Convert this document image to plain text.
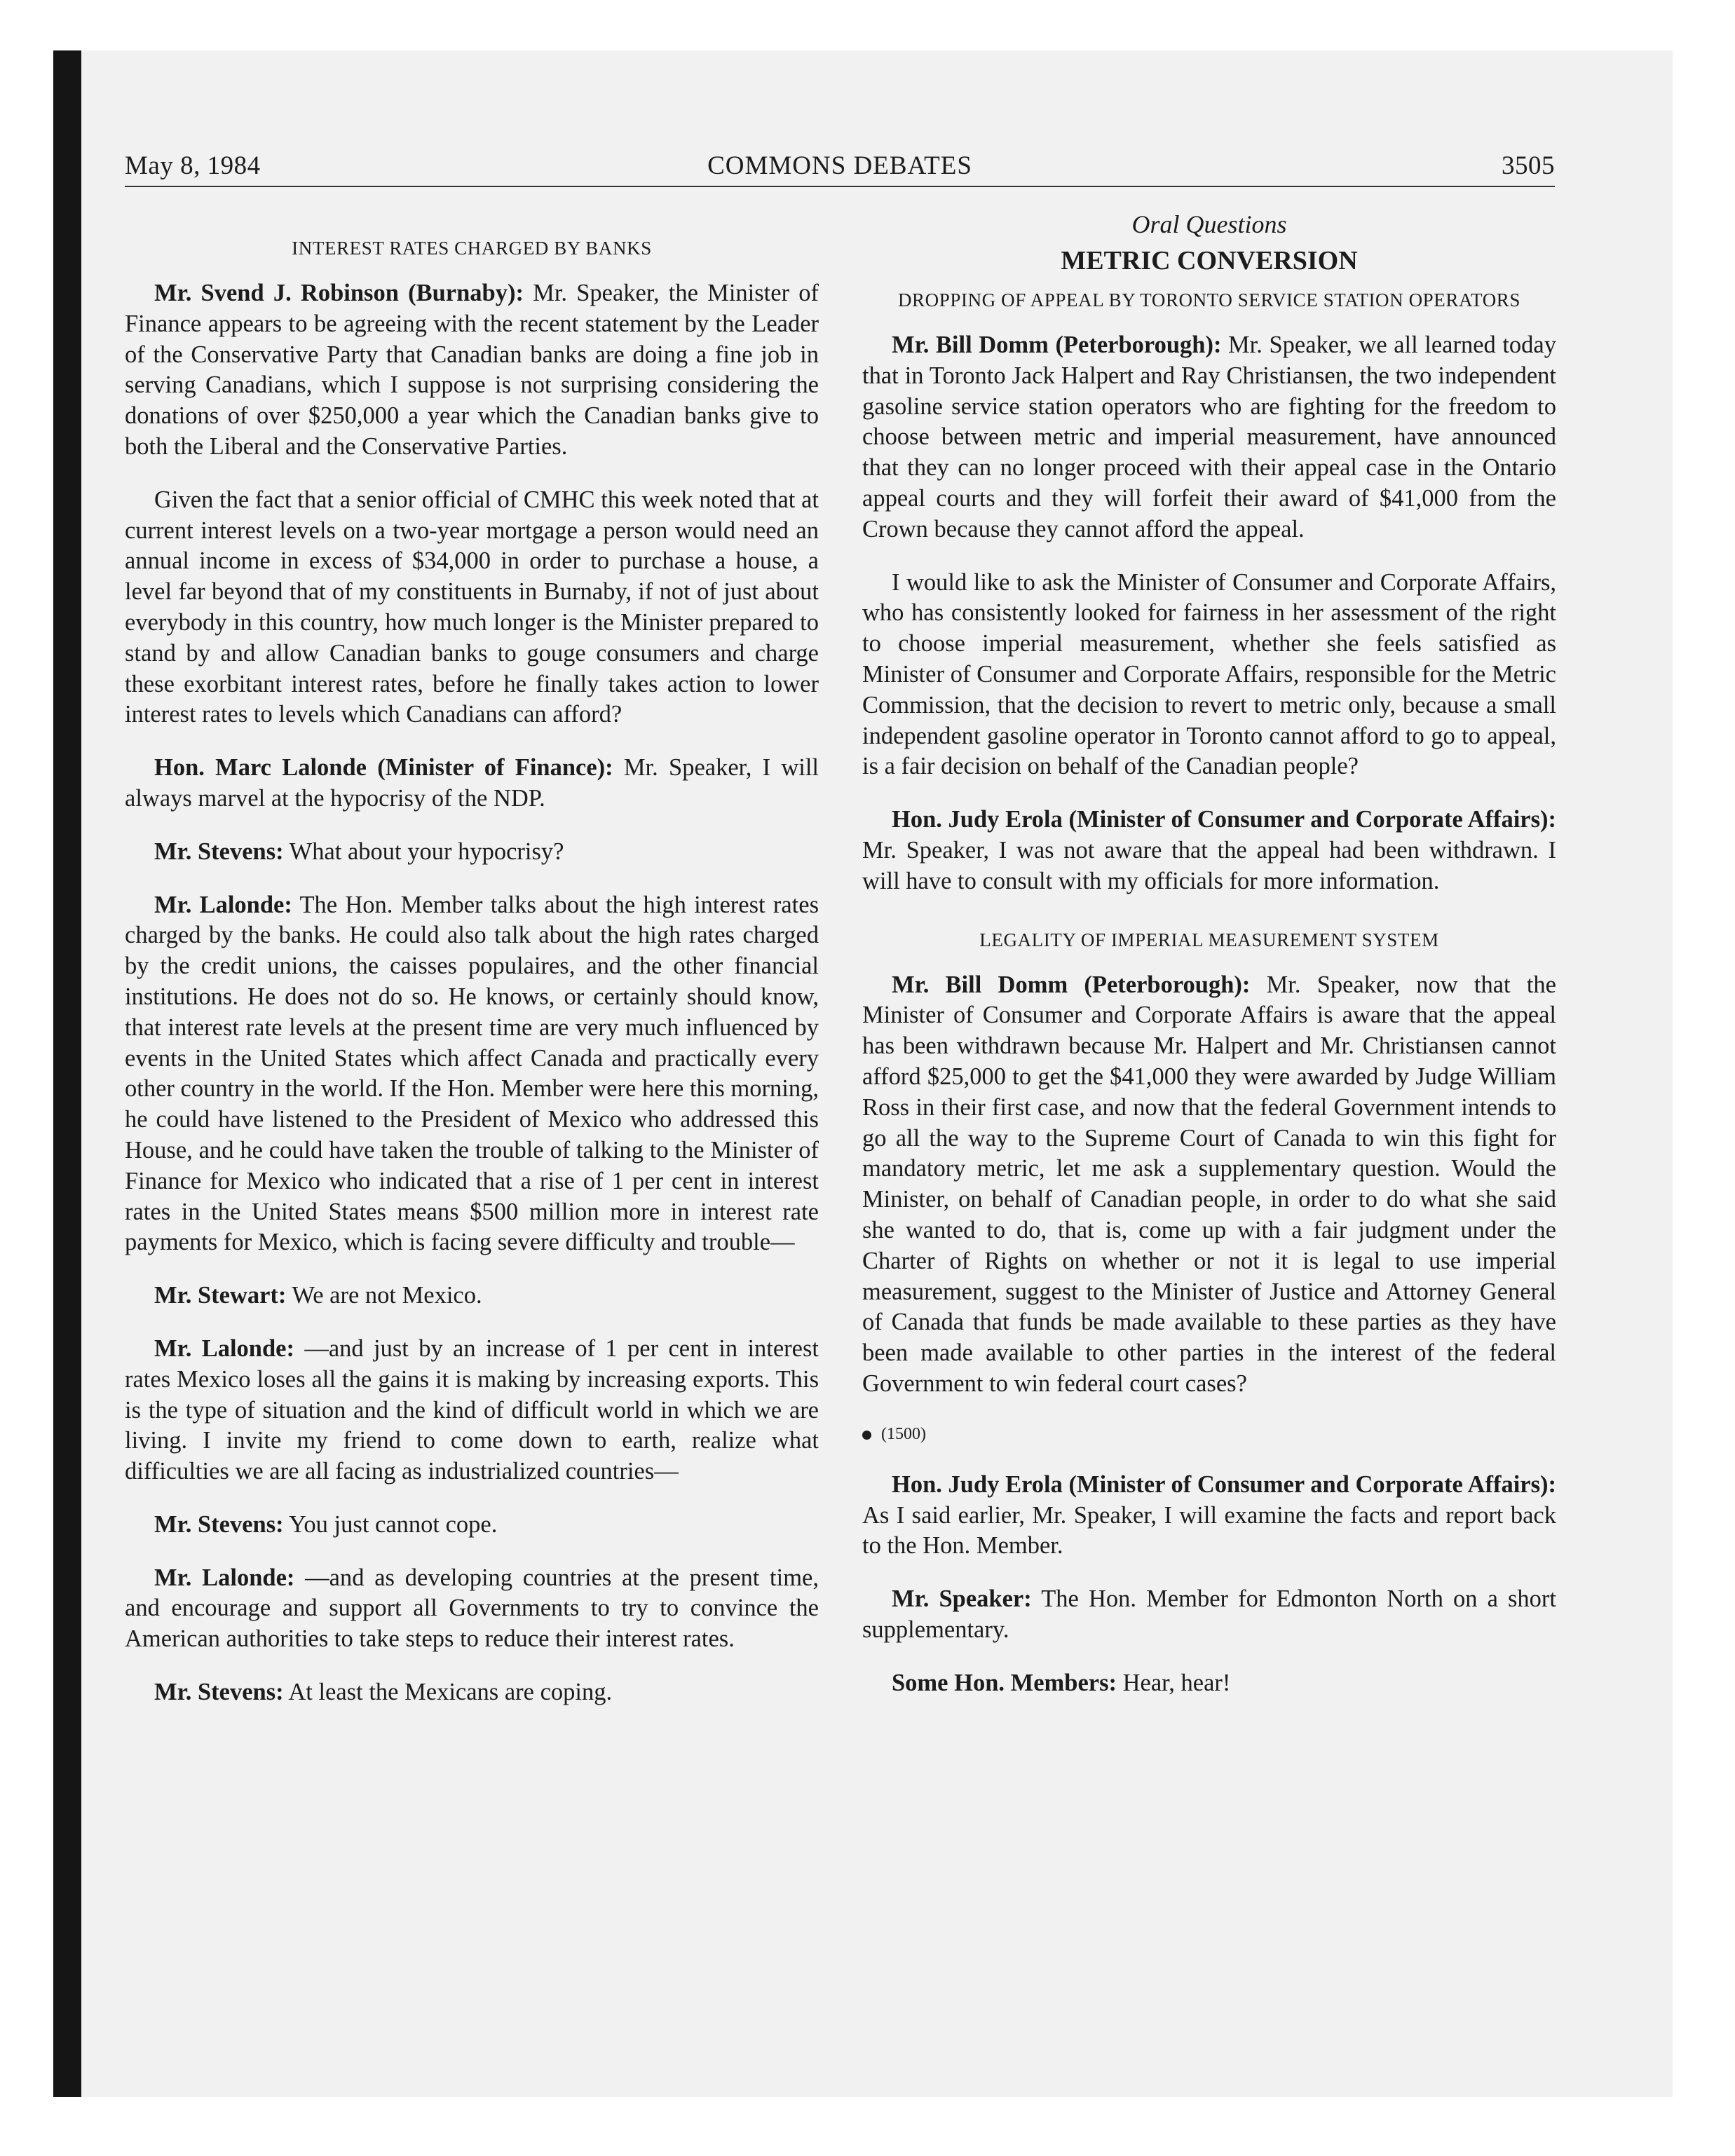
May 8, 1984	COMMONS DEBATES	3505
INTEREST RATES CHARGED BY BANKS

Mr. Svend J. Robinson (Burnaby): Mr. Speaker, the Minister of Finance appears to be agreeing with the recent statement by the Leader of the Conservative Party that Canadian banks are doing a fine job in serving Canadians, which I suppose is not surprising considering the donations of over $250,000 a year which the Canadian banks give to both the Liberal and the Conservative Parties.

Given the fact that a senior official of CMHC this week noted that at current interest levels on a two-year mortgage a person would need an annual income in excess of $34,000 in order to purchase a house, a level far beyond that of my constituents in Burnaby, if not of just about everybody in this country, how much longer is the Minister prepared to stand by and allow Canadian banks to gouge consumers and charge these exorbitant interest rates, before he finally takes action to lower interest rates to levels which Canadians can afford?

Hon. Marc Lalonde (Minister of Finance): Mr. Speaker, I will always marvel at the hypocrisy of the NDP.

Mr. Stevens: What about your hypocrisy?

Mr. Lalonde: The Hon. Member talks about the high interest rates charged by the banks. He could also talk about the high rates charged by the credit unions, the caisses populaires, and the other financial institutions. He does not do so. He knows, or certainly should know, that interest rate levels at the present time are very much influenced by events in the United States which affect Canada and practically every other country in the world. If the Hon. Member were here this morning, he could have listened to the President of Mexico who addressed this House, and he could have taken the trouble of talking to the Minister of Finance for Mexico who indicated that a rise of 1 per cent in interest rates in the United States means $500 million more in interest rate payments for Mexico, which is facing severe difficulty and trouble—

Mr. Stewart: We are not Mexico.

Mr. Lalonde: —and just by an increase of 1 per cent in interest rates Mexico loses all the gains it is making by increasing exports. This is the type of situation and the kind of difficult world in which we are living. I invite my friend to come down to earth, realize what difficulties we are all facing as industrialized countries—

Mr. Stevens: You just cannot cope.

Mr. Lalonde: —and as developing countries at the present time, and encourage and support all Governments to try to convince the American authorities to take steps to reduce their interest rates.

Mr. Stevens: At least the Mexicans are coping.

Oral Questions
METRIC CONVERSION
DROPPING OF APPEAL BY TORONTO SERVICE STATION OPERATORS

Mr. Bill Domm (Peterborough): Mr. Speaker, we all learned today that in Toronto Jack Halpert and Ray Christiansen, the two independent gasoline service station operators who are fighting for the freedom to choose between metric and imperial measurement, have announced that they can no longer proceed with their appeal case in the Ontario appeal courts and they will forfeit their award of $41,000 from the Crown because they cannot afford the appeal.

I would like to ask the Minister of Consumer and Corporate Affairs, who has consistently looked for fairness in her assessment of the right to choose imperial measurement, whether she feels satisfied as Minister of Consumer and Corporate Affairs, responsible for the Metric Commission, that the decision to revert to metric only, because a small independent gasoline operator in Toronto cannot afford to go to appeal, is a fair decision on behalf of the Canadian people?

Hon. Judy Erola (Minister of Consumer and Corporate Affairs): Mr. Speaker, I was not aware that the appeal had been withdrawn. I will have to consult with my officials for more information.

LEGALITY OF IMPERIAL MEASUREMENT SYSTEM

Mr. Bill Domm (Peterborough): Mr. Speaker, now that the Minister of Consumer and Corporate Affairs is aware that the appeal has been withdrawn because Mr. Halpert and Mr. Christiansen cannot afford $25,000 to get the $41,000 they were awarded by Judge William Ross in their first case, and now that the federal Government intends to go all the way to the Supreme Court of Canada to win this fight for mandatory metric, let me ask a supplementary question. Would the Minister, on behalf of Canadian people, in order to do what she said she wanted to do, that is, come up with a fair judgment under the Charter of Rights on whether or not it is legal to use imperial measurement, suggest to the Minister of Justice and Attorney General of Canada that funds be made available to these parties as they have been made available to other parties in the interest of the federal Government to win federal court cases?

(1500)

Hon. Judy Erola (Minister of Consumer and Corporate Affairs): As I said earlier, Mr. Speaker, I will examine the facts and report back to the Hon. Member.

Mr. Speaker: The Hon. Member for Edmonton North on a short supplementary.

Some Hon. Members: Hear, hear!
